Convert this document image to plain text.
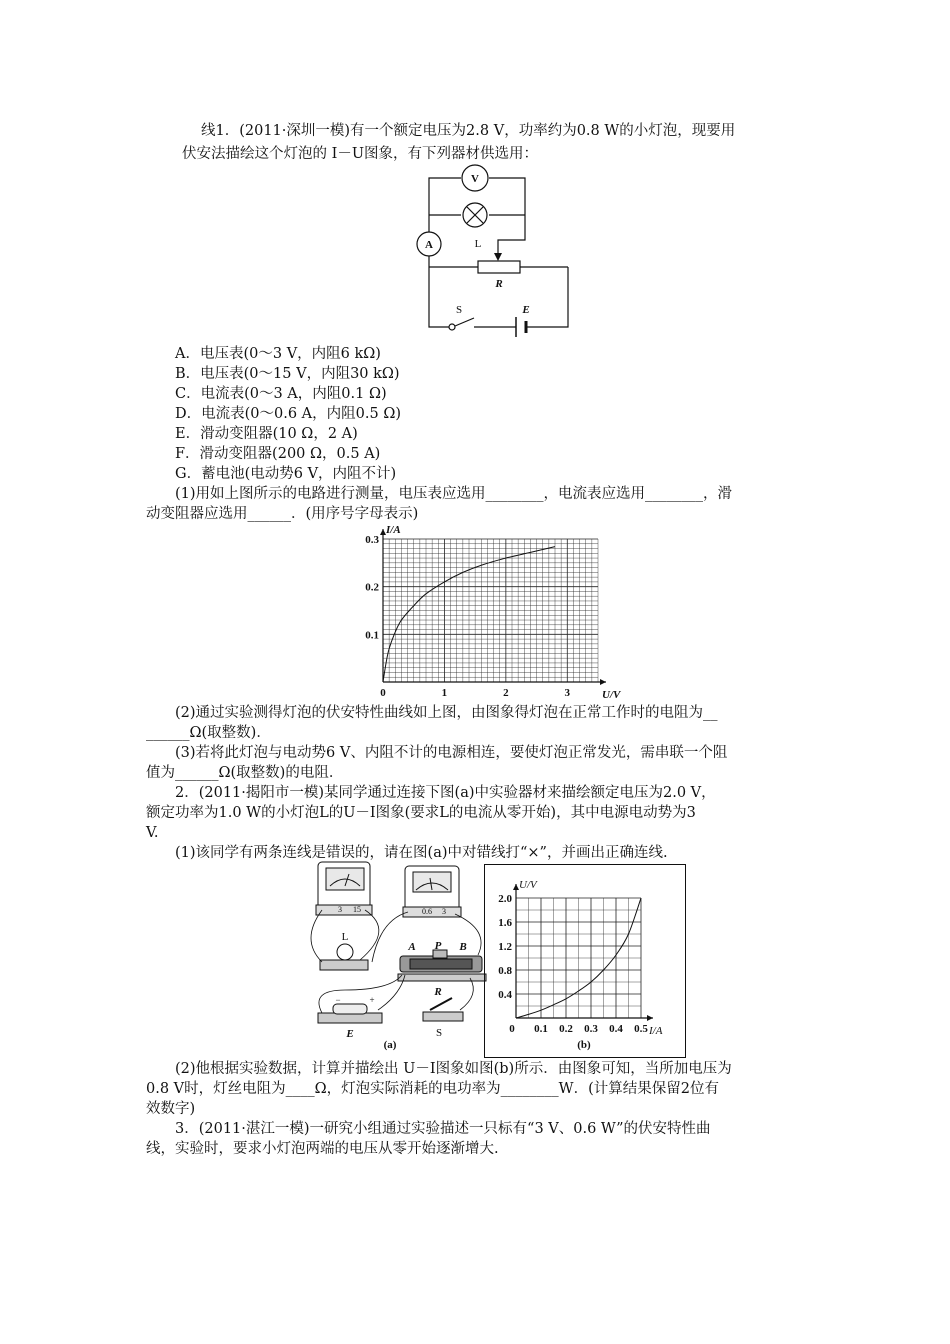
线1．(2011·深圳一模)有一个额定电压为2.8 V，功率约为0.8 W的小灯泡，现要用
伏安法描绘这个灯泡的 I－U图象，有下列器材供选用：
V
L
A
R
S	E
A．电压表(0～3 V，内阻6 kΩ)
B．电压表(0～15 V，内阻30 kΩ)
C．电流表(0～3 A，内阻0.1 Ω)
D．电流表(0～0.6 A，内阻0.5 Ω)
E．滑动变阻器(10 Ω，2 A)
F．滑动变阻器(200 Ω，0.5 A)
G．蓄电池(电动势6 V，内阻不计)
(1)用如上图所示的电路进行测量，电压表应选用________，电流表应选用________，滑
动变阻器应选用______．(用序号字母表示)
0	1	2	3
0.1
0.2
0.3
I/A
U/V
(2)通过实验测得灯泡的伏安特性曲线如上图，由图象得灯泡在正常工作时的电阻为__
______Ω(取整数)．
(3)若将此灯泡与电动势6 V、内阻不计的电源相连，要使灯泡正常发光，需串联一个阻
值为______Ω(取整数)的电阻．
2．(2011·揭阳市一模)某同学通过连接下图(a)中实验器材来描绘额定电压为2.0 V，
额定功率为1.0 W的小灯泡L的U－I图象(要求L的电流从零开始)，其中电源电动势为3
V.
(1)该同学有两条连线是错误的，请在图(a)中对错线打“×”，并画出正确连线.
L
A P B
R
E	S
3 15	0.6 3
−	+
(a)
0 0.1 0.2 0.3 0.4 0.5
0.4
0.8
1.2
1.6
2.0
U/V
I/A
(b)
(2)他根据实验数据，计算并描绘出 U－I图象如图(b)所示．由图象可知，当所加电压为
0.8 V时，灯丝电阻为____Ω，灯泡实际消耗的电功率为________W．(计算结果保留2位有
效数字)
3．(2011·湛江一模)一研究小组通过实验描述一只标有“3 V、0.6 W”的伏安特性曲
线，实验时，要求小灯泡两端的电压从零开始逐渐增大.
